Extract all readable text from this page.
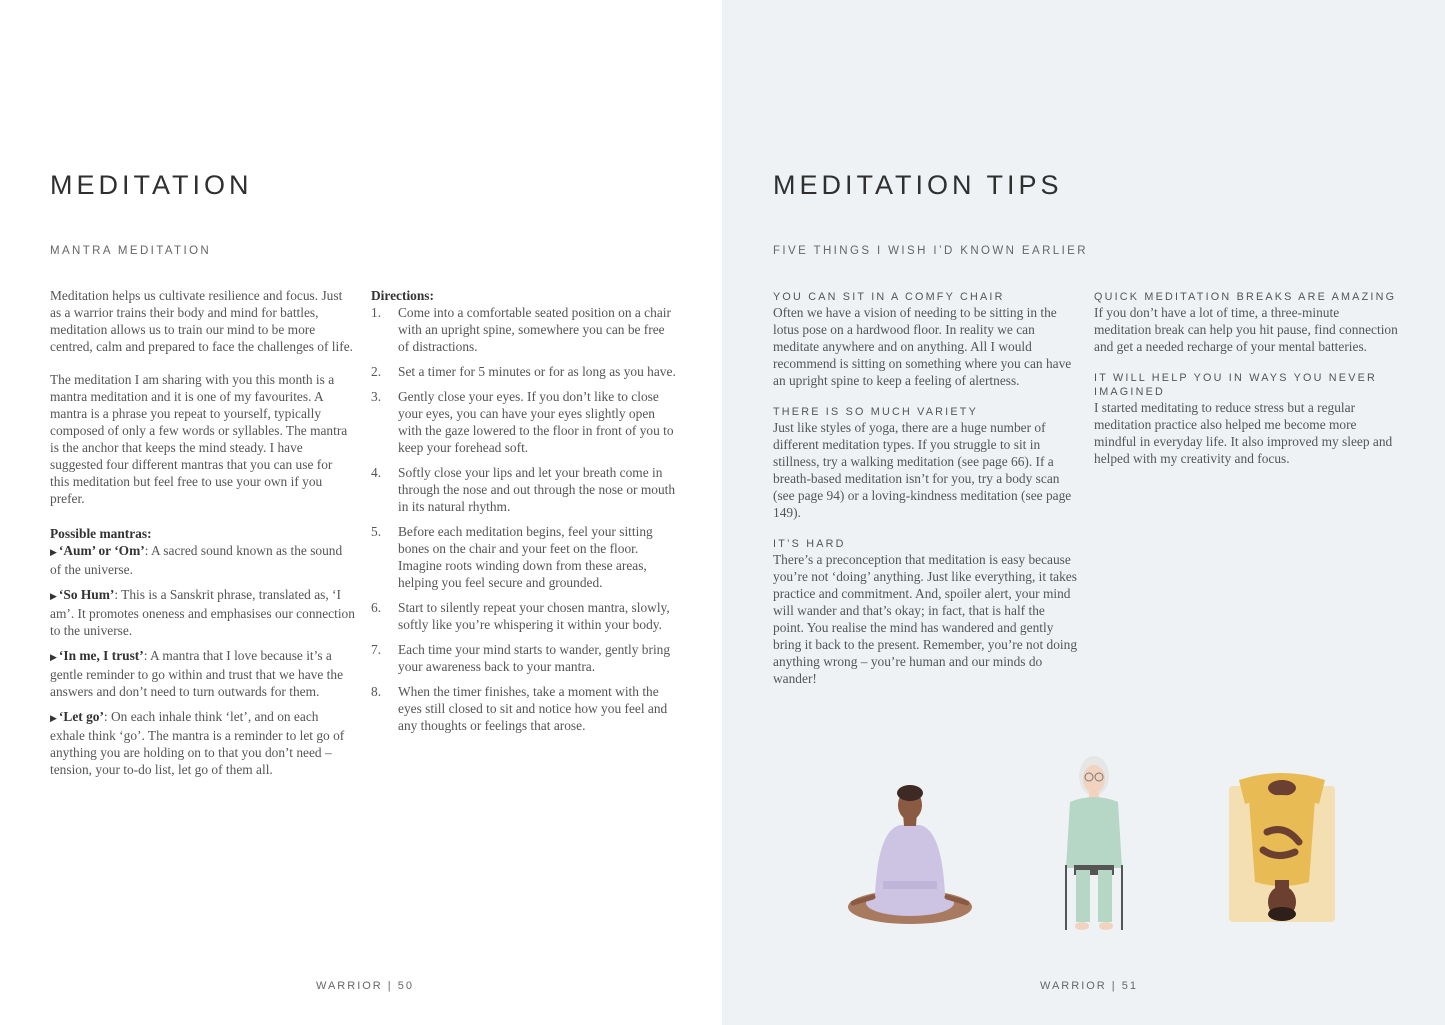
MEDITATION
MANTRA MEDITATION

Meditation helps us cultivate resilience and focus. Just as a warrior trains their body and mind for battles, meditation allows us to train our mind to be more centred, calm and prepared to face the challenges of life.

The meditation I am sharing with you this month is a mantra meditation and it is one of my favourites. A mantra is a phrase you repeat to yourself, typically composed of only a few words or syllables. The mantra is the anchor that keeps the mind steady. I have suggested four different mantras that you can use for this meditation but feel free to use your own if you prefer.

Possible mantras:
▶ ‘Aum’ or ‘Om’: A sacred sound known as the sound of the universe.
▶ ‘So Hum’: This is a Sanskrit phrase, translated as, ‘I am’. It promotes oneness and emphasises our connection to the universe.
▶ ‘In me, I trust’: A mantra that I love because it’s a gentle reminder to go within and trust that we have the answers and don’t need to turn outwards for them.
▶ ‘Let go’: On each inhale think ‘let’, and on each exhale think ‘go’. The mantra is a reminder to let go of anything you are holding on to that you don’t need – tension, your to-do list, let go of them all.
Directions:
1. Come into a comfortable seated position on a chair with an upright spine, somewhere you can be free of distractions.
2. Set a timer for 5 minutes or for as long as you have.
3. Gently close your eyes. If you don’t like to close your eyes, you can have your eyes slightly open with the gaze lowered to the floor in front of you to keep your forehead soft.
4. Softly close your lips and let your breath come in through the nose and out through the nose or mouth in its natural rhythm.
5. Before each meditation begins, feel your sitting bones on the chair and your feet on the floor. Imagine roots winding down from these areas, helping you feel secure and grounded.
6. Start to silently repeat your chosen mantra, slowly, softly like you’re whispering it within your body.
7. Each time your mind starts to wander, gently bring your awareness back to your mantra.
8. When the timer finishes, take a moment with the eyes still closed to sit and notice how you feel and any thoughts or feelings that arose.
WARRIOR | 50
MEDITATION TIPS
FIVE THINGS I WISH I’D KNOWN EARLIER
YOU CAN SIT IN A COMFY CHAIR

Often we have a vision of needing to be sitting in the lotus pose on a hardwood floor. In reality we can meditate anywhere and on anything. All I would recommend is sitting on something where you can have an upright spine to keep a feeling of alertness.

THERE IS SO MUCH VARIETY

Just like styles of yoga, there are a huge number of different meditation types. If you struggle to sit in stillness, try a walking meditation (see page 66). If a breath-based meditation isn’t for you, try a body scan (see page 94) or a loving-kindness meditation (see page 149).

IT’S HARD

There’s a preconception that meditation is easy because you’re not ‘doing’ anything. Just like everything, it takes practice and commitment. And, spoiler alert, your mind will wander and that’s okay; in fact, that is half the point. You realise the mind has wandered and gently bring it back to the present. Remember, you’re not doing anything wrong – you’re human and our minds do wander!

QUICK MEDITATION BREAKS ARE AMAZING

If you don’t have a lot of time, a three-minute meditation break can help you hit pause, find connection and get a needed recharge of your mental batteries.

IT WILL HELP YOU IN WAYS YOU NEVER IMAGINED

I started meditating to reduce stress but a regular meditation practice also helped me become more mindful in everyday life. It also improved my sleep and helped with my creativity and focus.

WARRIOR | 51
